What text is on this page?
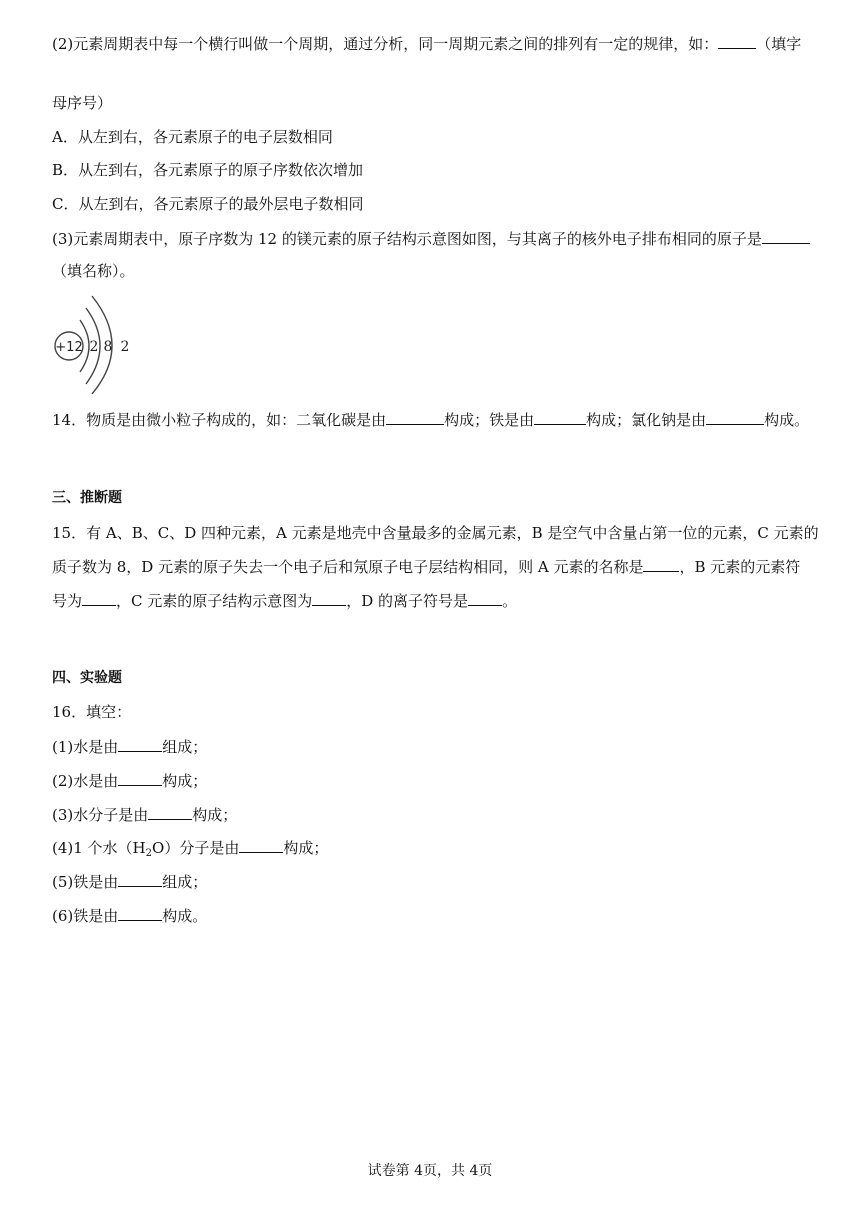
(2)元素周期表中每一个横行叫做一个周期，通过分析，同一周期元素之间的排列有一定的规律，如：	（填字
母序号）
A．从左到右，各元素原子的电子层数相同
B．从左到右，各元素原子的原子序数依次增加
C．从左到右，各元素原子的最外层电子数相同
(3)元素周期表中，原子序数为 12 的镁元素的原子结构示意图如图，与其离子的核外电子排布相同的原子是
（填名称）。
+12 2 8 2
14．物质是由微小粒子构成的，如：二氧化碳是由	构成；铁是由	构成；氯化钠是由	构成。
三、推断题
15．有 A、B、C、D 四种元素，A 元素是地壳中含量最多的金属元素，B 是空气中含量占第一位的元素，C 元素的
质子数为 8，D 元素的原子失去一个电子后和氖原子电子层结构相同，则 A 元素的名称是 ，B 元素的元素符
号为 ，C 元素的原子结构示意图为 ，D 的离子符号是 。
四、实验题
16．填空：
(1)水是由	组成；
(2)水是由	构成；
(3)水分子是由	构成；
(4)1 个水$(H_2O)$分子是由	构成；
(5)铁是由	组成；
(6)铁是由	构成。
试卷第 4页，共 4页
